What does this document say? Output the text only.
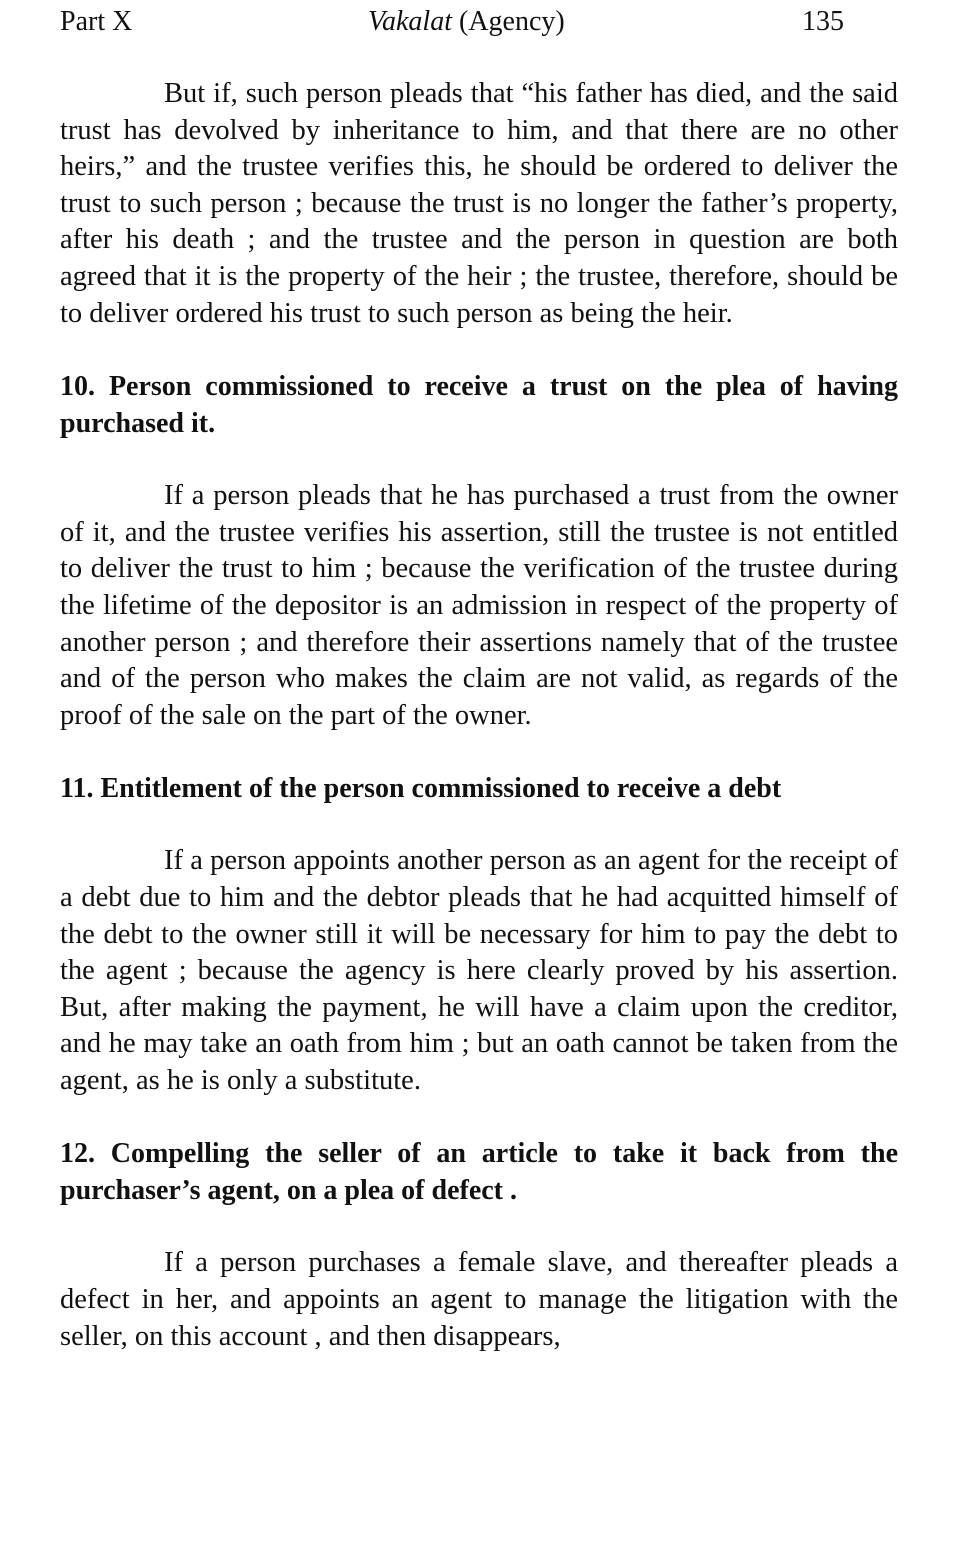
Part X	Vakalat (Agency)	135

But if, such person pleads that “his father has died, and the said trust has devolved by inheritance to him, and that there are no other heirs,” and the trustee verifies this, he should be ordered to deliver the trust to such person ; because the trust is no longer the father’s property, after his death ; and the trustee and the person in question are both agreed that it is the property of the heir ; the trustee, therefore, should be to deliver ordered his trust to such person as being the heir.

10. Person commissioned to receive a trust on the plea of having purchased it.

If a person pleads that he has purchased a trust from the owner of it, and the trustee verifies his assertion, still the trustee is not entitled to deliver the trust to him ; because the verification of the trustee during the lifetime of the depositor is an admission in respect of the property of another person ; and therefore their assertions namely that of the trustee and of the person who makes the claim are not valid, as regards of the proof of the sale on the part of the owner.

11. Entitlement of the person commissioned to receive a debt

If a person appoints another person as an agent for the receipt of a debt due to him and the debtor pleads that he had acquitted himself of the debt to the owner still it will be necessary for him to pay the debt to the agent ; because the agency is here clearly proved by his assertion. But, after making the payment, he will have a claim upon the creditor, and he may take an oath from him ; but an oath cannot be taken from the agent, as he is only a substitute.

12. Compelling the seller of an article to take it back from the purchaser’s agent, on a plea of defect .

If a person purchases a female slave, and thereafter pleads a defect in her, and appoints an agent to manage the litigation with the seller, on this account , and then disappears,
